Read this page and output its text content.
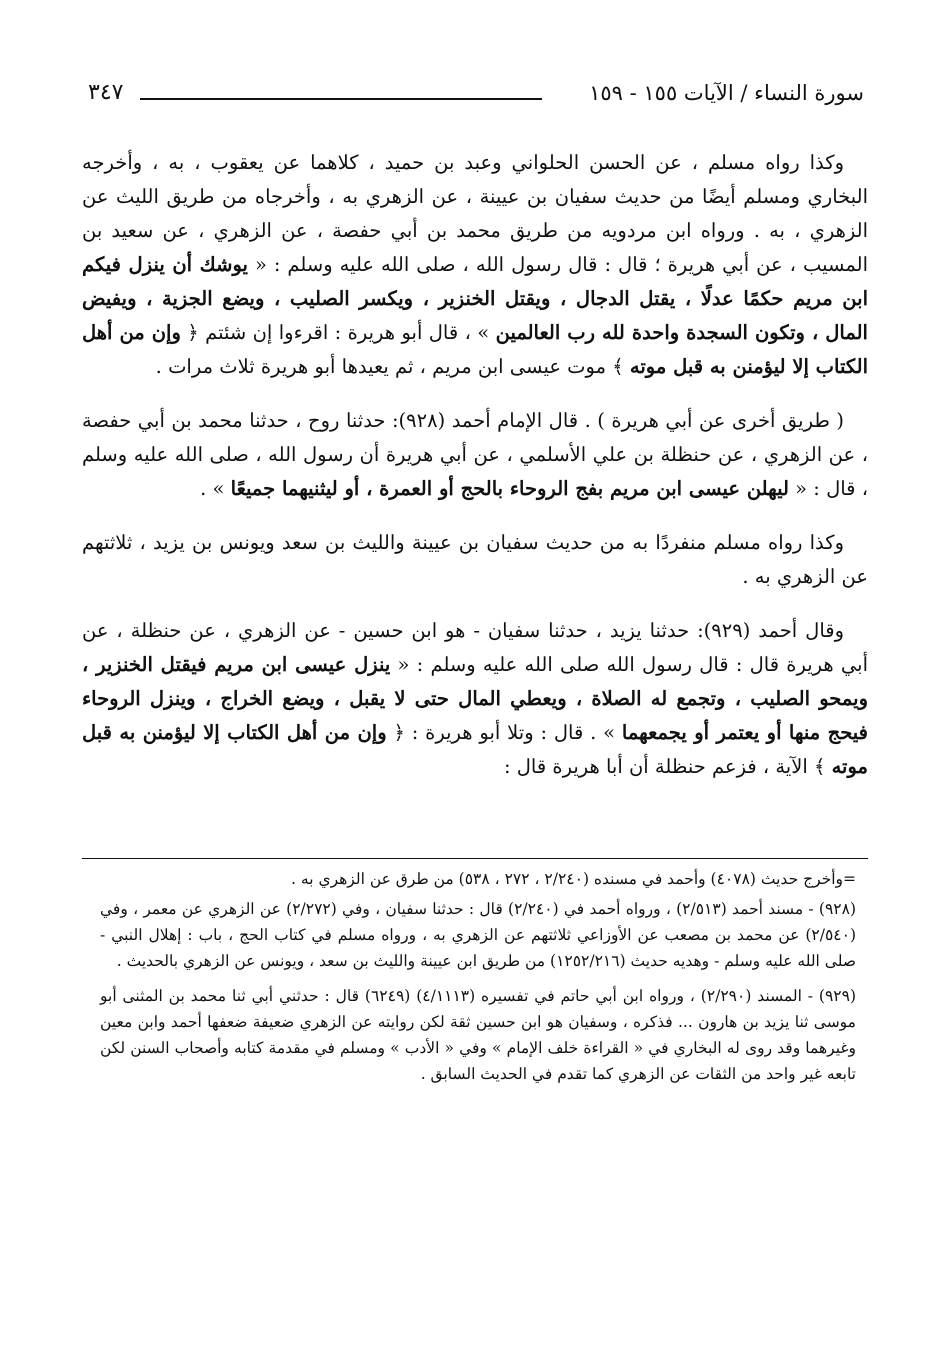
سورة النساء / الآيات ١٥٥ - ١٥٩
٣٤٧

وكذا رواه مسلم ، عن الحسن الحلواني وعبد بن حميد ، كلاهما عن يعقوب ، به ، وأخرجه البخاري ومسلم أيضًا من حديث سفيان بن عيينة ، عن الزهري به ، وأخرجاه من طريق الليث عن الزهري ، به . ورواه ابن مردويه من طريق محمد بن أبي حفصة ، عن الزهري ، عن سعيد بن المسيب ، عن أبي هريرة ؛ قال : قال رسول الله ، صلى الله عليه وسلم : « يوشك أن ينزل فيكم ابن مريم حكمًا عدلًا ، يقتل الدجال ، ويقتل الخنزير ، ويكسر الصليب ، ويضع الجزية ، ويفيض المال ، وتكون السجدة واحدة لله رب العالمين » ، قال أبو هريرة : اقرءوا إن شئتم ﴿ وإن من أهل الكتاب إلا ليؤمنن به قبل موته ﴾ موت عيسى ابن مريم ، ثم يعيدها أبو هريرة ثلاث مرات .

( طريق أخرى عن أبي هريرة ) . قال الإمام أحمد (٩٢٨): حدثنا روح ، حدثنا محمد بن أبي حفصة ، عن الزهري ، عن حنظلة بن علي الأسلمي ، عن أبي هريرة أن رسول الله ، صلى الله عليه وسلم ، قال : « ليهلن عيسى ابن مريم بفج الروحاء بالحج أو العمرة ، أو ليثنيهما جميعًا » .

وكذا رواه مسلم منفردًا به من حديث سفيان بن عيينة والليث بن سعد ويونس بن يزيد ، ثلاثتهم عن الزهري به .

وقال أحمد (٩٢٩): حدثنا يزيد ، حدثنا سفيان - هو ابن حسين - عن الزهري ، عن حنظلة ، عن أبي هريرة قال : قال رسول الله صلى الله عليه وسلم : « ينزل عيسى ابن مريم فيقتل الخنزير ، ويمحو الصليب ، وتجمع له الصلاة ، ويعطي المال حتى لا يقبل ، ويضع الخراج ، وينزل الروحاء فيحج منها أو يعتمر أو يجمعهما » . قال : وتلا أبو هريرة : ﴿ وإن من أهل الكتاب إلا ليؤمنن به قبل موته ﴾ الآية ، فزعم حنظلة أن أبا هريرة قال :

=وأخرج حديث (٤٠٧٨) وأحمد في مسنده (٢/٢٤٠ ، ٢٧٢ ، ٥٣٨) من طرق عن الزهري به .

(٩٢٨) - مسند أحمد (٢/٥١٣) ، ورواه أحمد في (٢/٢٤٠) قال : حدثنا سفيان ، وفي (٢/٢٧٢) عن الزهري عن معمر ، وفي (٢/٥٤٠) عن محمد بن مصعب عن الأوزاعي ثلاثتهم عن الزهري به ، ورواه مسلم في كتاب الحج ، باب : إهلال النبي - صلى الله عليه وسلم - وهديه حديث (١٢٥٢/٢١٦) من طريق ابن عيينة والليث بن سعد ، ويونس عن الزهري بالحديث .

(٩٢٩) - المسند (٢/٢٩٠) ، ورواه ابن أبي حاتم في تفسيره (٤/١١١٣) (٦٢٤٩) قال : حدثني أبي ثنا محمد بن المثنى أبو موسى ثنا يزيد بن هارون ... فذكره ، وسفيان هو ابن حسين ثقة لكن روايته عن الزهري ضعيفة ضعفها أحمد وابن معين وغيرهما وقد روى له البخاري في « القراءة خلف الإمام » وفي « الأدب » ومسلم في مقدمة كتابه وأصحاب السنن لكن تابعه غير واحد من الثقات عن الزهري كما تقدم في الحديث السابق .
